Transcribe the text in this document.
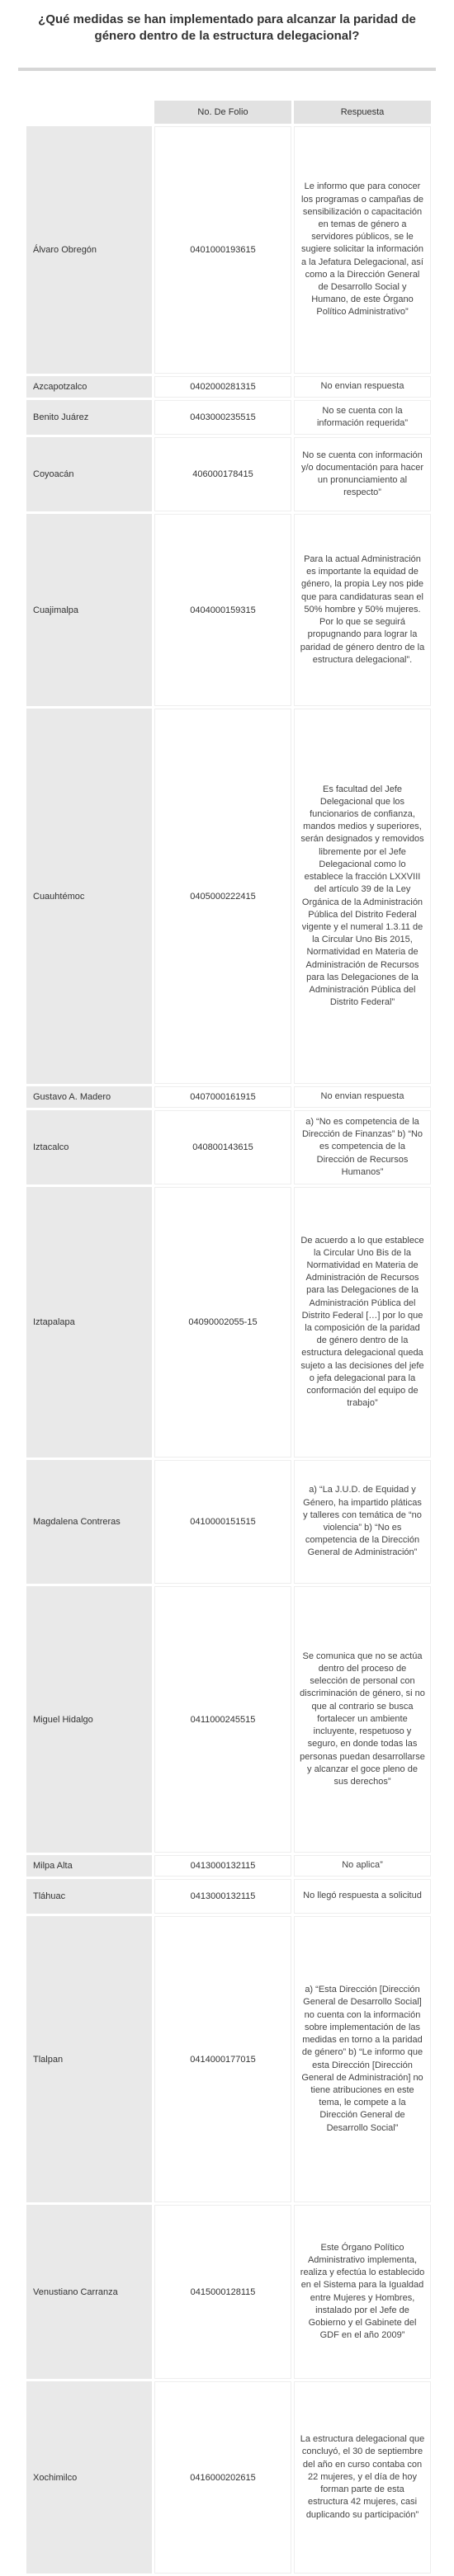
¿Qué medidas se han implementado para alcanzar la paridad de género dentro de la estructura delegacional?
	No. De Folio	Respuesta
Álvaro Obregón	0401000193615	Le informo que para conocer los programas o campañas de sensibilización o capacitación en temas de género a servidores públicos, se le sugiere solicitar la información a la Jefatura Delegacional, así como a la Dirección General de Desarrollo Social y Humano, de este Órgano Político Administrativo”
Azcapotzalco	0402000281315	No envian respuesta
Benito Juárez	0403000235515	No se cuenta con la información requerida”
Coyoacán	406000178415	No se cuenta con información y/o documentación para hacer un pronunciamiento al respecto”
Cuajimalpa	0404000159315	Para la actual Administración es importante la equidad de género, la propia Ley nos pide que para candidaturas sean el 50% hombre y 50% mujeres. Por lo que se seguirá propugnando para lograr la paridad de género dentro de la estructura delegacional”.
Cuauhtémoc	0405000222415	Es facultad del Jefe Delegacional que los funcionarios de confianza, mandos medios y superiores, serán designados y removidos libremente por el Jefe Delegacional como lo establece la fracción LXXVIII del artículo 39 de la Ley Orgánica de la Administración Pública del Distrito Federal vigente y el numeral 1.3.11 de la Circular Uno Bis 2015, Normatividad en Materia de Administración de Recursos para las Delegaciones de la Administración Pública del Distrito Federal”
Gustavo A. Madero	0407000161915	No envian respuesta
Iztacalco	040800143615	a) “No es competencia de la Dirección de Finanzas” b) “No es competencia de la Dirección de Recursos Humanos”
Iztapalapa	04090002055-15	De acuerdo a lo que establece la Circular Uno Bis de la Normatividad en Materia de Administración de Recursos para las Delegaciones de la Administración Pública del Distrito Federal […] por lo que la composición de la paridad de género dentro de la estructura delegacional queda sujeto a las decisiones del jefe o jefa delegacional para la conformación del equipo de trabajo”
Magdalena Contreras	0410000151515	a) “La J.U.D. de Equidad y Género, ha impartido pláticas y talleres con temática de “no violencia” b) “No es competencia de la Dirección General de Administración”
Miguel Hidalgo	0411000245515	Se comunica que no se actúa dentro del proceso de selección de personal con discriminación de género, si no que al contrario se busca fortalecer un ambiente incluyente, respetuoso y seguro, en donde todas las personas puedan desarrollarse y alcanzar el goce pleno de sus derechos”
Milpa Alta	0413000132115	No aplica”
Tláhuac	0413000132115	No llegó respuesta a solicitud
Tlalpan	0414000177015	a) “Esta Dirección [Dirección General de Desarrollo Social] no cuenta con la información sobre implementación de las medidas en torno a la paridad de género” b) “Le informo que esta Dirección [Dirección General de Administración] no tiene atribuciones en este tema, le compete a la Dirección General de Desarrollo Social”
Venustiano Carranza	0415000128115	Este Órgano Político Administrativo implementa, realiza y efectúa lo establecido en el Sistema para la Igualdad entre Mujeres y Hombres, instalado por el Jefe de Gobierno y el Gabinete del GDF en el año 2009”
Xochimilco	0416000202615	La estructura delegacional que concluyó, el 30 de septiembre del año en curso contaba con 22 mujeres, y el día de hoy forman parte de esta estructura 42 mujeres, casi duplicando su participación”
